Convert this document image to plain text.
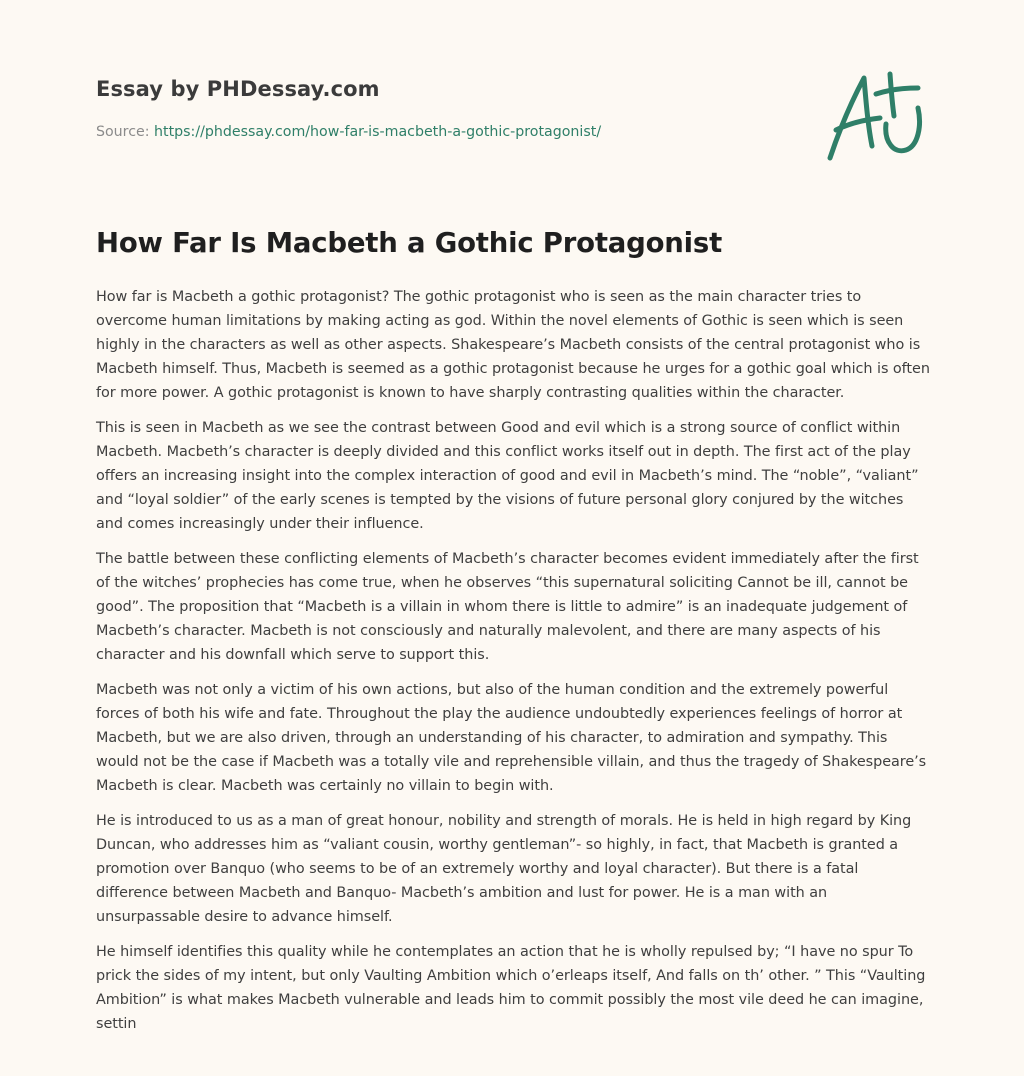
Essay by PHDessay.com
Source: https://phdessay.com/how-far-is-macbeth-a-gothic-protagonist/
How Far Is Macbeth a Gothic Protagonist

How far is Macbeth a gothic protagonist? The gothic protagonist who is seen as the main character tries to overcome human limitations by making acting as god. Within the novel elements of Gothic is seen which is seen highly in the characters as well as other aspects. Shakespeare’s Macbeth consists of the central protagonist who is Macbeth himself. Thus, Macbeth is seemed as a gothic protagonist because he urges for a gothic goal which is often for more power. A gothic protagonist is known to have sharply contrasting qualities within the character.

This is seen in Macbeth as we see the contrast between Good and evil which is a strong source of conflict within Macbeth. Macbeth’s character is deeply divided and this conflict works itself out in depth. The first act of the play offers an increasing insight into the complex interaction of good and evil in Macbeth’s mind. The “noble”, “valiant” and “loyal soldier” of the early scenes is tempted by the visions of future personal glory conjured by the witches and comes increasingly under their influence.

The battle between these conflicting elements of Macbeth’s character becomes evident immediately after the first of the witches’ prophecies has come true, when he observes “this supernatural soliciting Cannot be ill, cannot be good”. The proposition that “Macbeth is a villain in whom there is little to admire” is an inadequate judgement of Macbeth’s character. Macbeth is not consciously and naturally malevolent, and there are many aspects of his character and his downfall which serve to support this.

Macbeth was not only a victim of his own actions, but also of the human condition and the extremely powerful forces of both his wife and fate. Throughout the play the audience undoubtedly experiences feelings of horror at Macbeth, but we are also driven, through an understanding of his character, to admiration and sympathy. This would not be the case if Macbeth was a totally vile and reprehensible villain, and thus the tragedy of Shakespeare’s Macbeth is clear. Macbeth was certainly no villain to begin with.

He is introduced to us as a man of great honour, nobility and strength of morals. He is held in high regard by King Duncan, who addresses him as “valiant cousin, worthy gentleman”- so highly, in fact, that Macbeth is granted a promotion over Banquo (who seems to be of an extremely worthy and loyal character). But there is a fatal difference between Macbeth and Banquo- Macbeth’s ambition and lust for power. He is a man with an unsurpassable desire to advance himself.

He himself identifies this quality while he contemplates an action that he is wholly repulsed by; “I have no spur To prick the sides of my intent, but only Vaulting Ambition which o’erleaps itself, And falls on th’ other. ” This “Vaulting Ambition” is what makes Macbeth vulnerable and leads him to commit possibly the most vile deed he can imagine, settin
